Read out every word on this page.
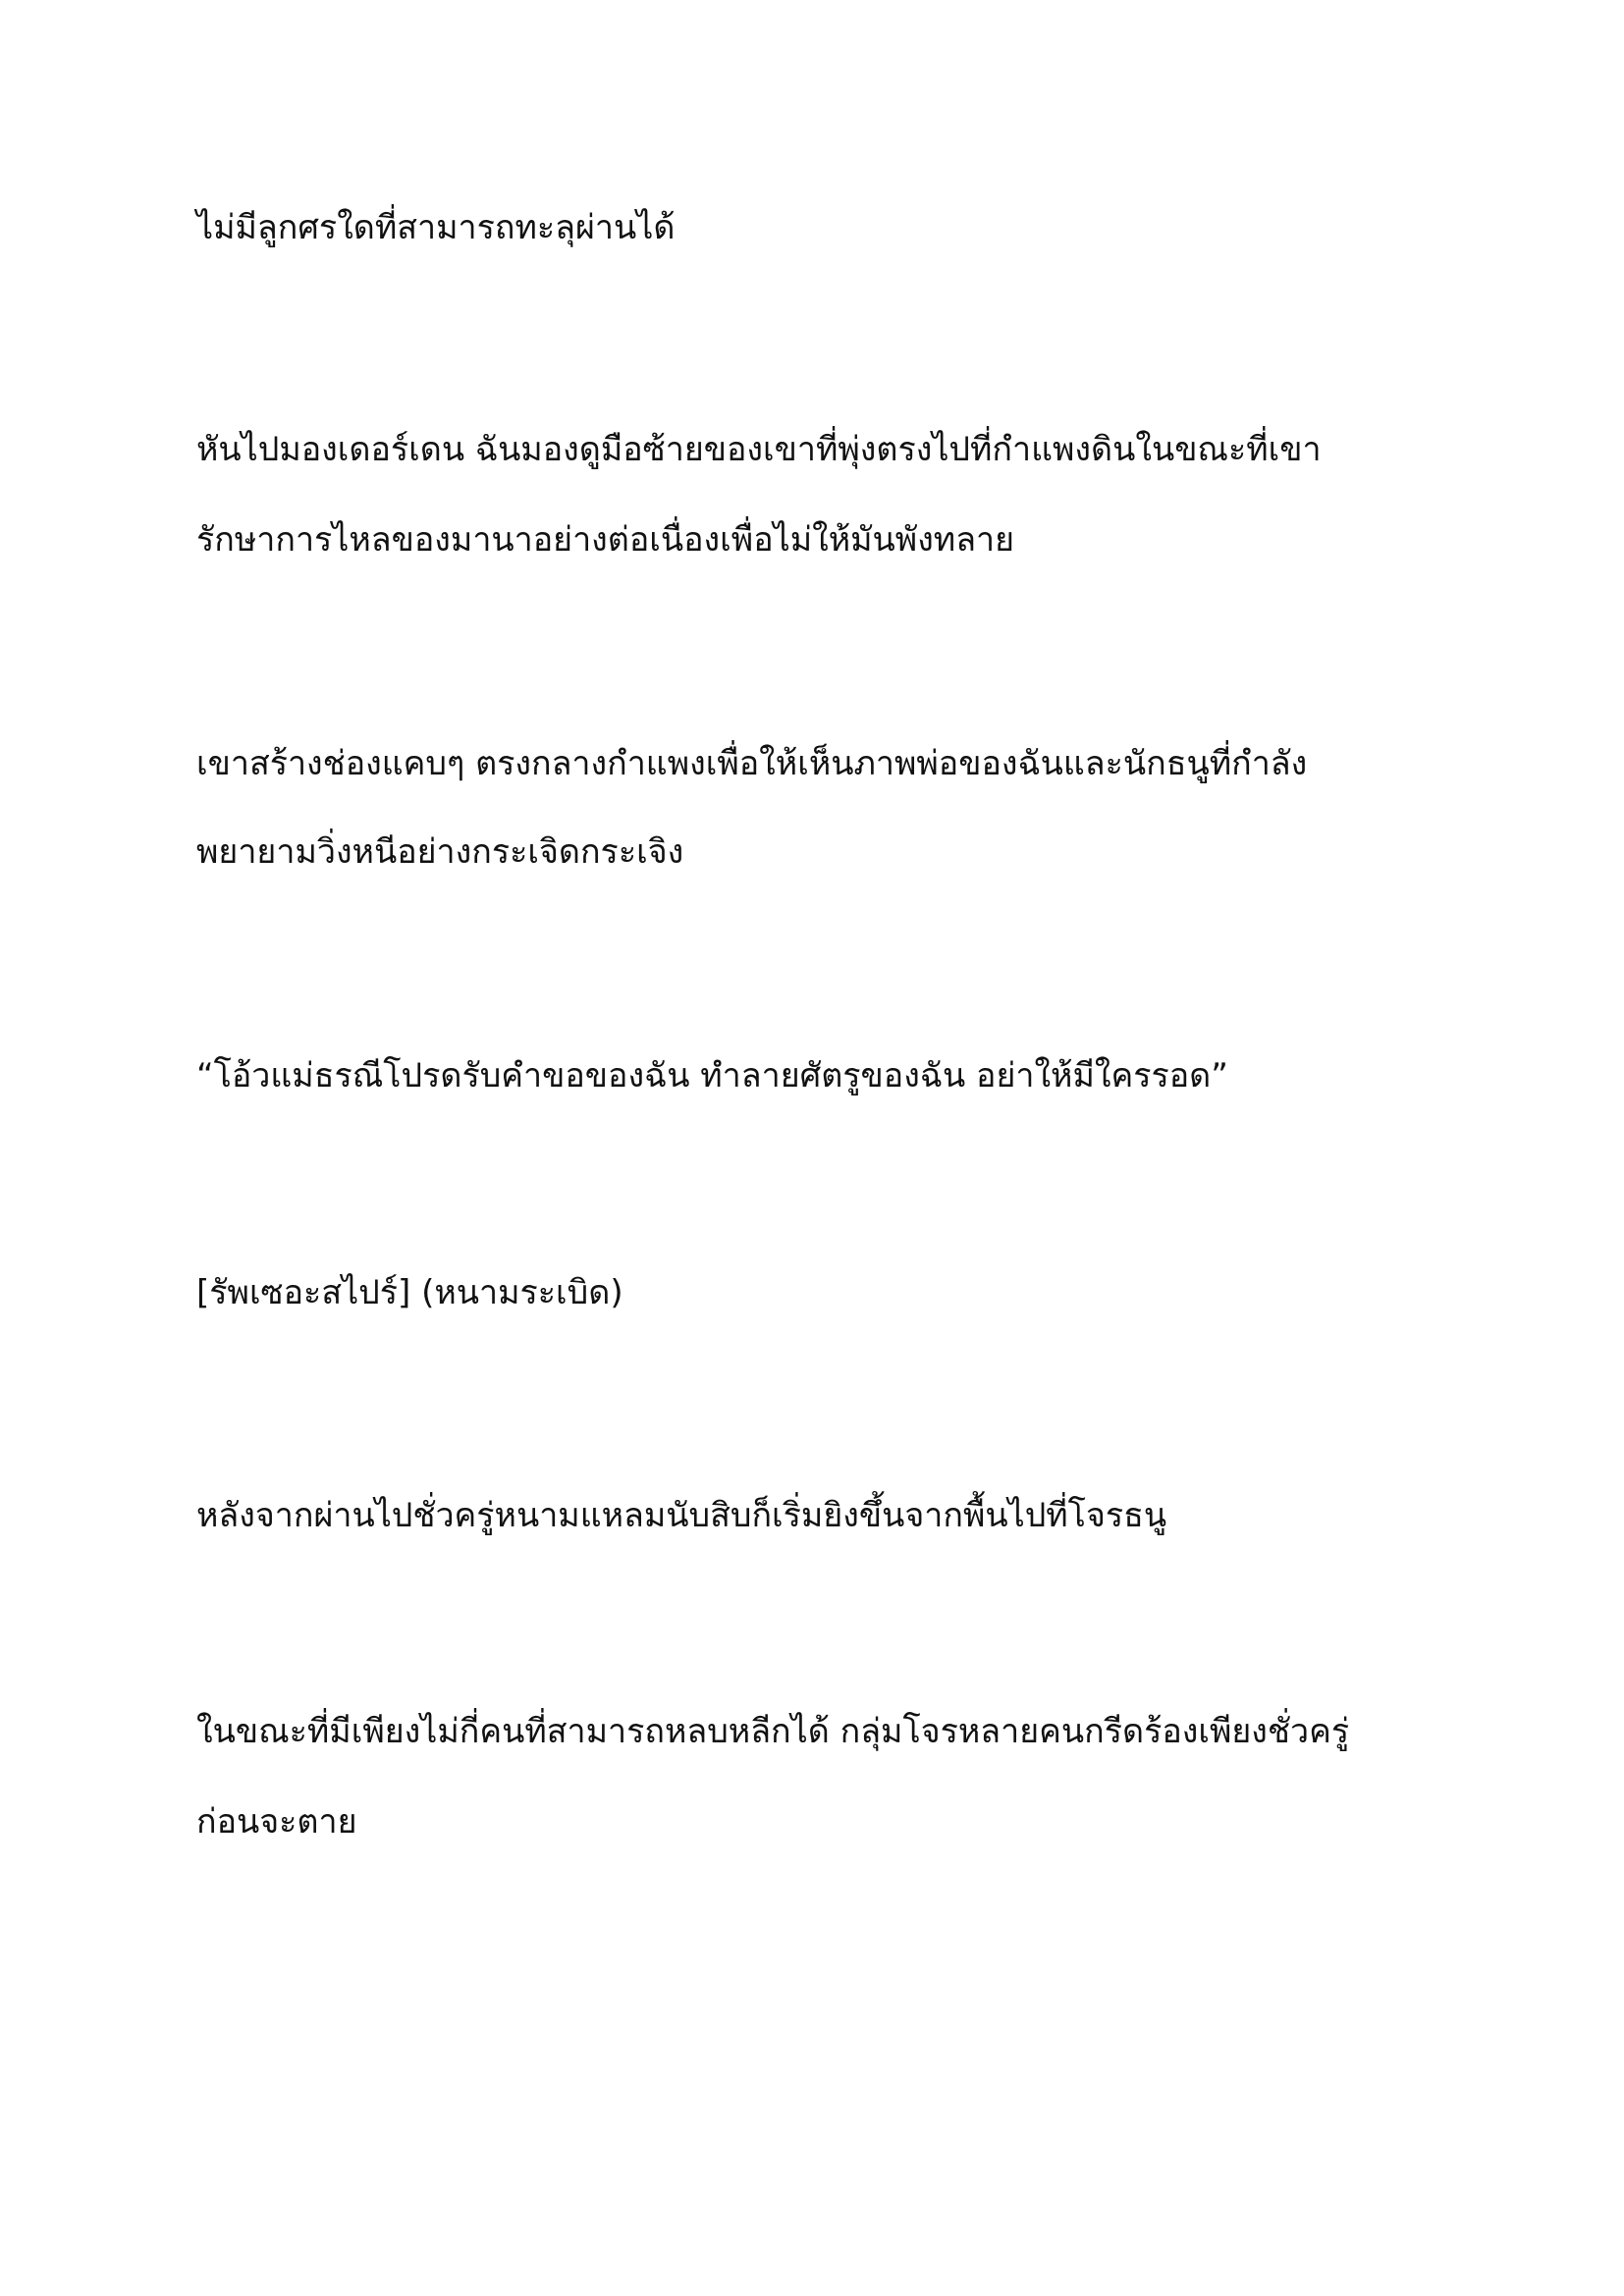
ไม่มีลูกศรใดที่สามารถทะลุผ่านได้

หันไปมองเดอร์เดน ฉันมองดูมือซ้ายของเขาที่พุ่งตรงไปที่กำแพงดินในขณะที่เขา

รักษาการไหลของมานาอย่างต่อเนื่องเพื่อไม่ให้มันพังทลาย

เขาสร้างช่องแคบๆ ตรงกลางกำแพงเพื่อให้เห็นภาพพ่อของฉันและนักธนูที่กำลัง

พยายามวิ่งหนีอย่างกระเจิดกระเจิง

“โอ้วแม่ธรณีโปรดรับคำขอของฉัน ทำลายศัตรูของฉัน อย่าให้มีใครรอด”

[รัพเซอะสไปร์] (หนามระเบิด)

หลังจากผ่านไปชั่วครู่หนามแหลมนับสิบก็เริ่มยิงขึ้นจากพื้นไปที่โจรธนู

ในขณะที่มีเพียงไม่กี่คนที่สามารถหลบหลีกได้ กลุ่มโจรหลายคนกรีดร้องเพียงชั่วครู่

ก่อนจะตาย
